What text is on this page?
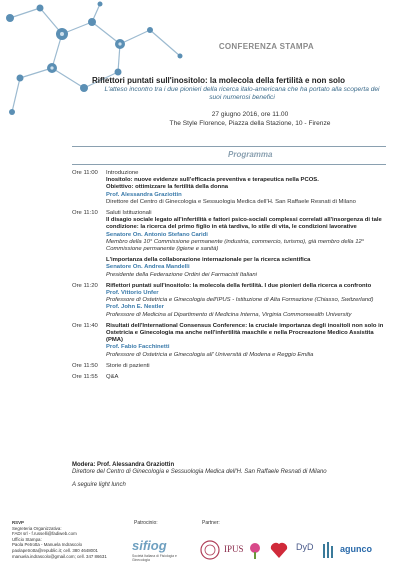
CONFERENZA STAMPA
Riflettori puntati sull'inositolo: la molecola della fertilità e non solo
L'atteso incontro tra i due pionieri della ricerca italo-americana che ha portato alla scoperta dei suoi numerosi benefici
27 giugno 2016, ore 11.00
The Style Florence, Piazza della Stazione, 10 - Firenze
Programma
Ore 11:00	Introduzione
Inositolo: nuove evidenze sull'efficacia preventiva e terapeutica nella PCOS.
Obiettivo: ottimizzare la fertilità della donna
Prof. Alessandra Graziottin
Direttore del Centro di Ginecologia e Sessuologia Medica dell'H. San Raffaele Resnati di Milano
Ore 11:10	Saluti Istituzionali
Il disagio sociale legato all'infertilità e fattori psico-sociali complessi correlati all'insorgenza di tale condizione: la ricerca del primo figlio in età tardiva, lo stile di vita, le condizioni lavorative
Senatore On. Antonio Stefano Caridi
Membro della 10° Commissione permanente (industria, commercio, turismo), già membro della 12° Commissione permanente (igiene e sanità)
L'importanza della collaborazione internazionale per la ricerca scientifica
Senatore On. Andrea Mandelli
Presidente della Federazione Ordini dei Farmacisti Italiani
Ore 11:20	Riflettori puntati sull'inositolo: la molecola della fertilità. I due pionieri della ricerca a confronto
Prof. Vittorio Unfer
Professore di Ostetricia e Ginecologia dell'IPUS - Istituzione di Alta Formazione (Chiasso, Switzerland)
Prof. John E. Nestler
Professore di Medicina al Dipartimento di Medicina Interna, Virginia Commonwealth University
Ore 11:40	Risultati dell'International Consensus Conference: la cruciale importanza degli inositoli non solo in Ostetricia e Ginecologia ma anche nell'infertilità maschile e nella Procreazione Medico Assistita (PMA)
Prof. Fabio Facchinetti
Professore di Ostetricia e Ginecologia all' Università di Modena e Reggio Emilia
Ore 11:50	Storie di pazienti
Ore 11:55	Q&A
Modera: Prof. Alessandra Graziottin
Direttore del Centro di Ginecologia e Sessuologia Medica dell'H. San Raffaele Resnati di Milano
A seguire light lunch
RSVP
Segreteria Organizzativa:
FADI srl - f.russelli@fadiweb.com
Ufficio Stampa:
Paola Petrotta - Manuela Indrascolo
paolapetrotta@republic.it; cell. 380 4648001
manuela.indrascolo@gmail.com; cell. 347 86631
Patrocinio:
sifiog
Società Italiana di Fisiologia e Ginecologia
Partner:
IPUS	DyD	agunco
